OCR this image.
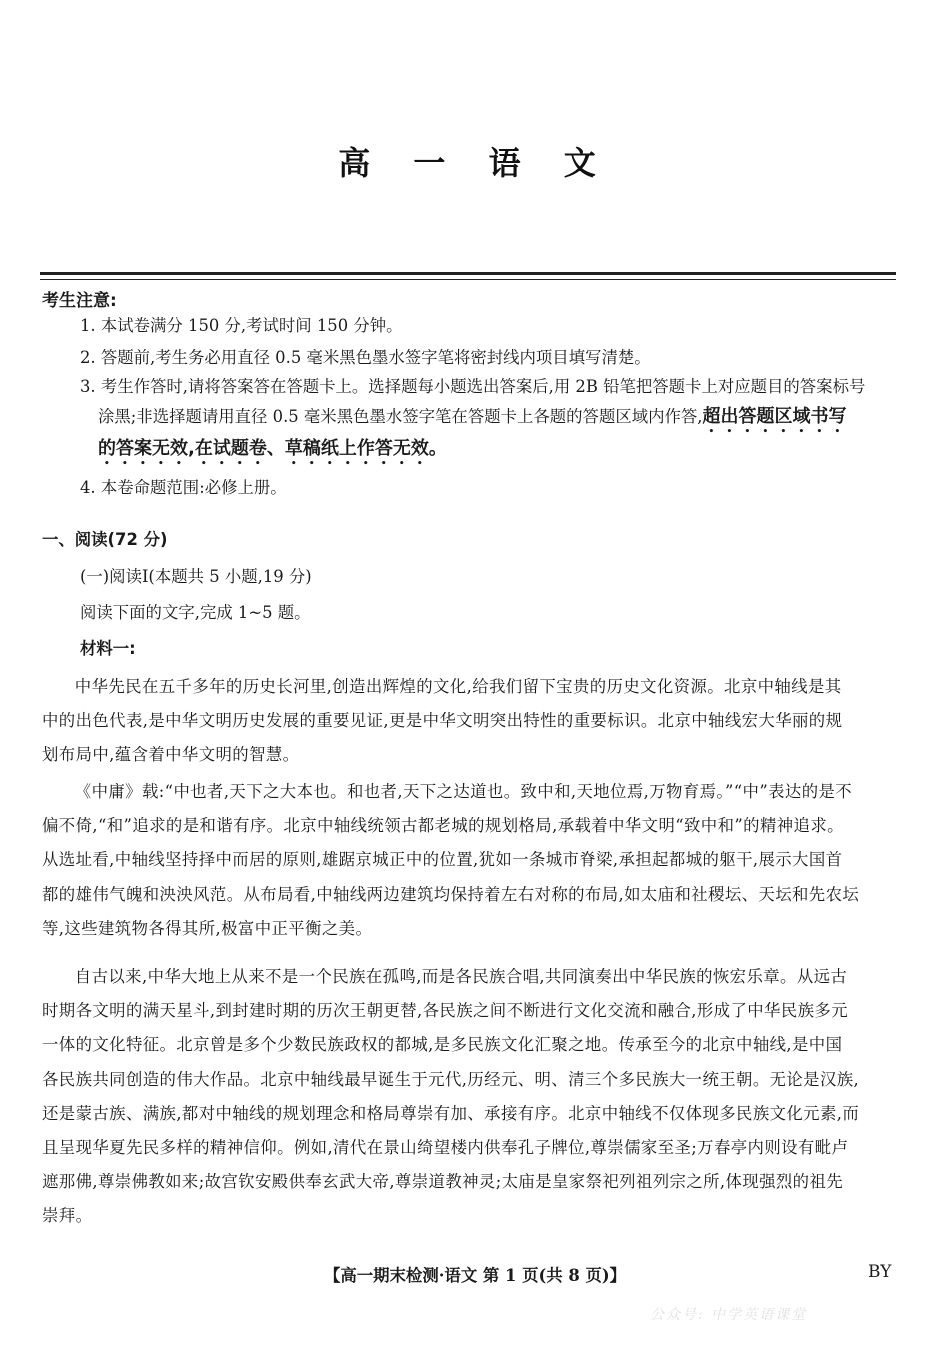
高 一 语 文
考生注意:
1. 本试卷满分 150 分,考试时间 150 分钟。
2. 答题前,考生务必用直径 0.5 毫米黑色墨水签字笔将密封线内项目填写清楚。
3. 考生作答时,请将答案答在答题卡上。选择题每小题选出答案后,用 2B 铅笔把答题卡上对应题目的答案标号
涂黑;非选择题请用直径 0.5 毫米黑色墨水签字笔在答题卡上各题的答题区域内作答,超出答题区域书写
的答案无效,在试题卷、草稿纸上作答无效。
4. 本卷命题范围:必修上册。
一、阅读(72 分)
(一)阅读Ⅰ(本题共 5 小题,19 分)
阅读下面的文字,完成 1~5 题。
材料一:
中华先民在五千多年的历史长河里,创造出辉煌的文化,给我们留下宝贵的历史文化资源。北京中轴线是其
中的出色代表,是中华文明历史发展的重要见证,更是中华文明突出特性的重要标识。北京中轴线宏大华丽的规
划布局中,蕴含着中华文明的智慧。
《中庸》载:“中也者,天下之大本也。和也者,天下之达道也。致中和,天地位焉,万物育焉。”“中”表达的是不
偏不倚,“和”追求的是和谐有序。北京中轴线统领古都老城的规划格局,承载着中华文明“致中和”的精神追求。
从选址看,中轴线坚持择中而居的原则,雄踞京城正中的位置,犹如一条城市脊梁,承担起都城的躯干,展示大国首
都的雄伟气魄和泱泱风范。从布局看,中轴线两边建筑均保持着左右对称的布局,如太庙和社稷坛、天坛和先农坛
等,这些建筑物各得其所,极富中正平衡之美。
自古以来,中华大地上从来不是一个民族在孤鸣,而是各民族合唱,共同演奏出中华民族的恢宏乐章。从远古
时期各文明的满天星斗,到封建时期的历次王朝更替,各民族之间不断进行文化交流和融合,形成了中华民族多元
一体的文化特征。北京曾是多个少数民族政权的都城,是多民族文化汇聚之地。传承至今的北京中轴线,是中国
各民族共同创造的伟大作品。北京中轴线最早诞生于元代,历经元、明、清三个多民族大一统王朝。无论是汉族,
还是蒙古族、满族,都对中轴线的规划理念和格局尊崇有加、承接有序。北京中轴线不仅体现多民族文化元素,而
且呈现华夏先民多样的精神信仰。例如,清代在景山绮望楼内供奉孔子牌位,尊崇儒家至圣;万春亭内则设有毗卢
遮那佛,尊崇佛教如来;故宫钦安殿供奉玄武大帝,尊崇道教神灵;太庙是皇家祭祀列祖列宗之所,体现强烈的祖先
崇拜。
【高一期末检测·语文 第 1 页(共 8 页)】	BY
公众号: 中学英语课堂
